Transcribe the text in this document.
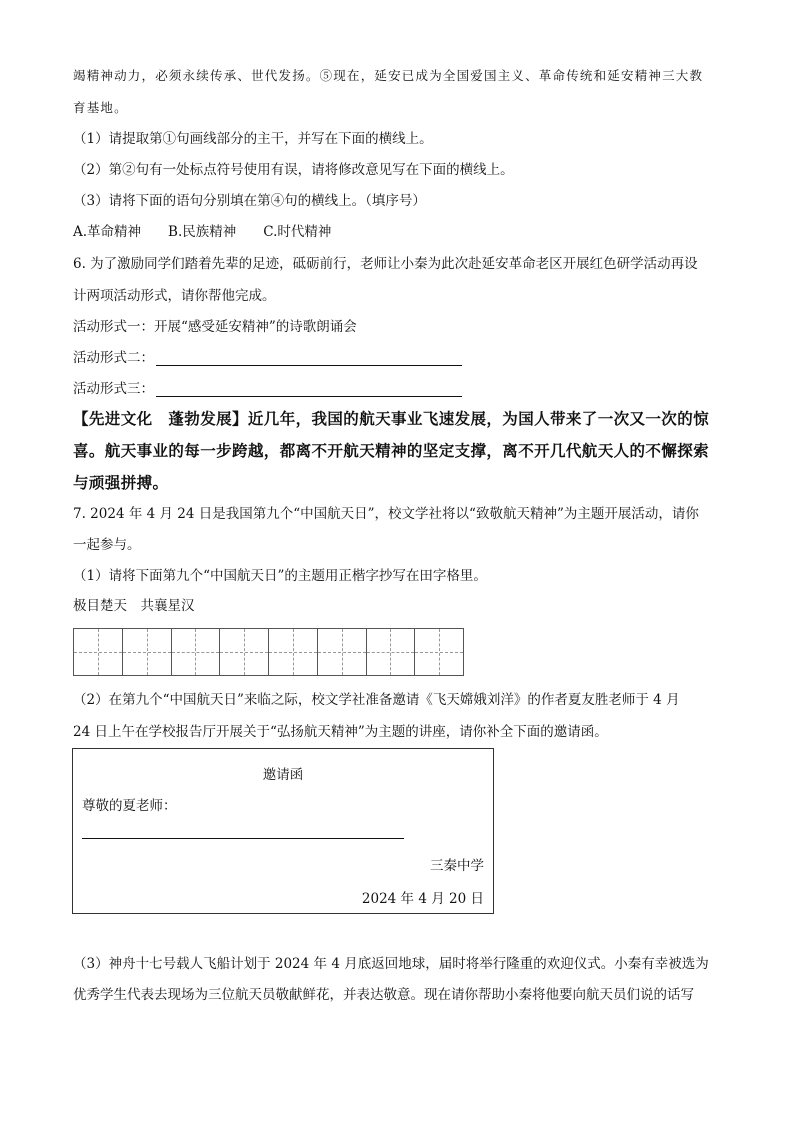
竭精神动力，必须永续传承、世代发扬。⑤现在，延安已成为全国爱国主义、革命传统和延安精神三大教
育基地。
（1）请提取第①句画线部分的主干，并写在下面的横线上。
（2）第②句有一处标点符号使用有误，请将修改意见写在下面的横线上。
（3）请将下面的语句分别填在第④句的横线上。（填序号）
A.革命精神　　B.民族精神　　C.时代精神
6. 为了激励同学们踏着先辈的足迹，砥砺前行，老师让小秦为此次赴延安革命老区开展红色研学活动再设
计两项活动形式，请你帮他完成。
活动形式一：开展“感受延安精神”的诗歌朗诵会
活动形式二：
活动形式三：
【先进文化　蓬勃发展】近几年，我国的航天事业飞速发展，为国人带来了一次又一次的惊
喜。航天事业的每一步跨越，都离不开航天精神的坚定支撑，离不开几代航天人的不懈探索
与顽强拼搏。
7. 2024 年 4 月 24 日是我国第九个“中国航天日”，校文学社将以“致敬航天精神”为主题开展活动，请你
一起参与。
（1）请将下面第九个“中国航天日”的主题用正楷字抄写在田字格里。
极目楚天　共襄星汉
（2）在第九个“中国航天日”来临之际，校文学社准备邀请《飞天嫦娥刘洋》的作者夏友胜老师于 4 月
24 日上午在学校报告厅开展关于“弘扬航天精神”为主题的讲座，请你补全下面的邀请函。
邀请函
尊敬的夏老师：
三秦中学
2024 年 4 月 20 日
（3）神舟十七号载人飞船计划于 2024 年 4 月底返回地球，届时将举行隆重的欢迎仪式。小秦有幸被选为
优秀学生代表去现场为三位航天员敬献鲜花，并表达敬意。现在请你帮助小秦将他要向航天员们说的话写
